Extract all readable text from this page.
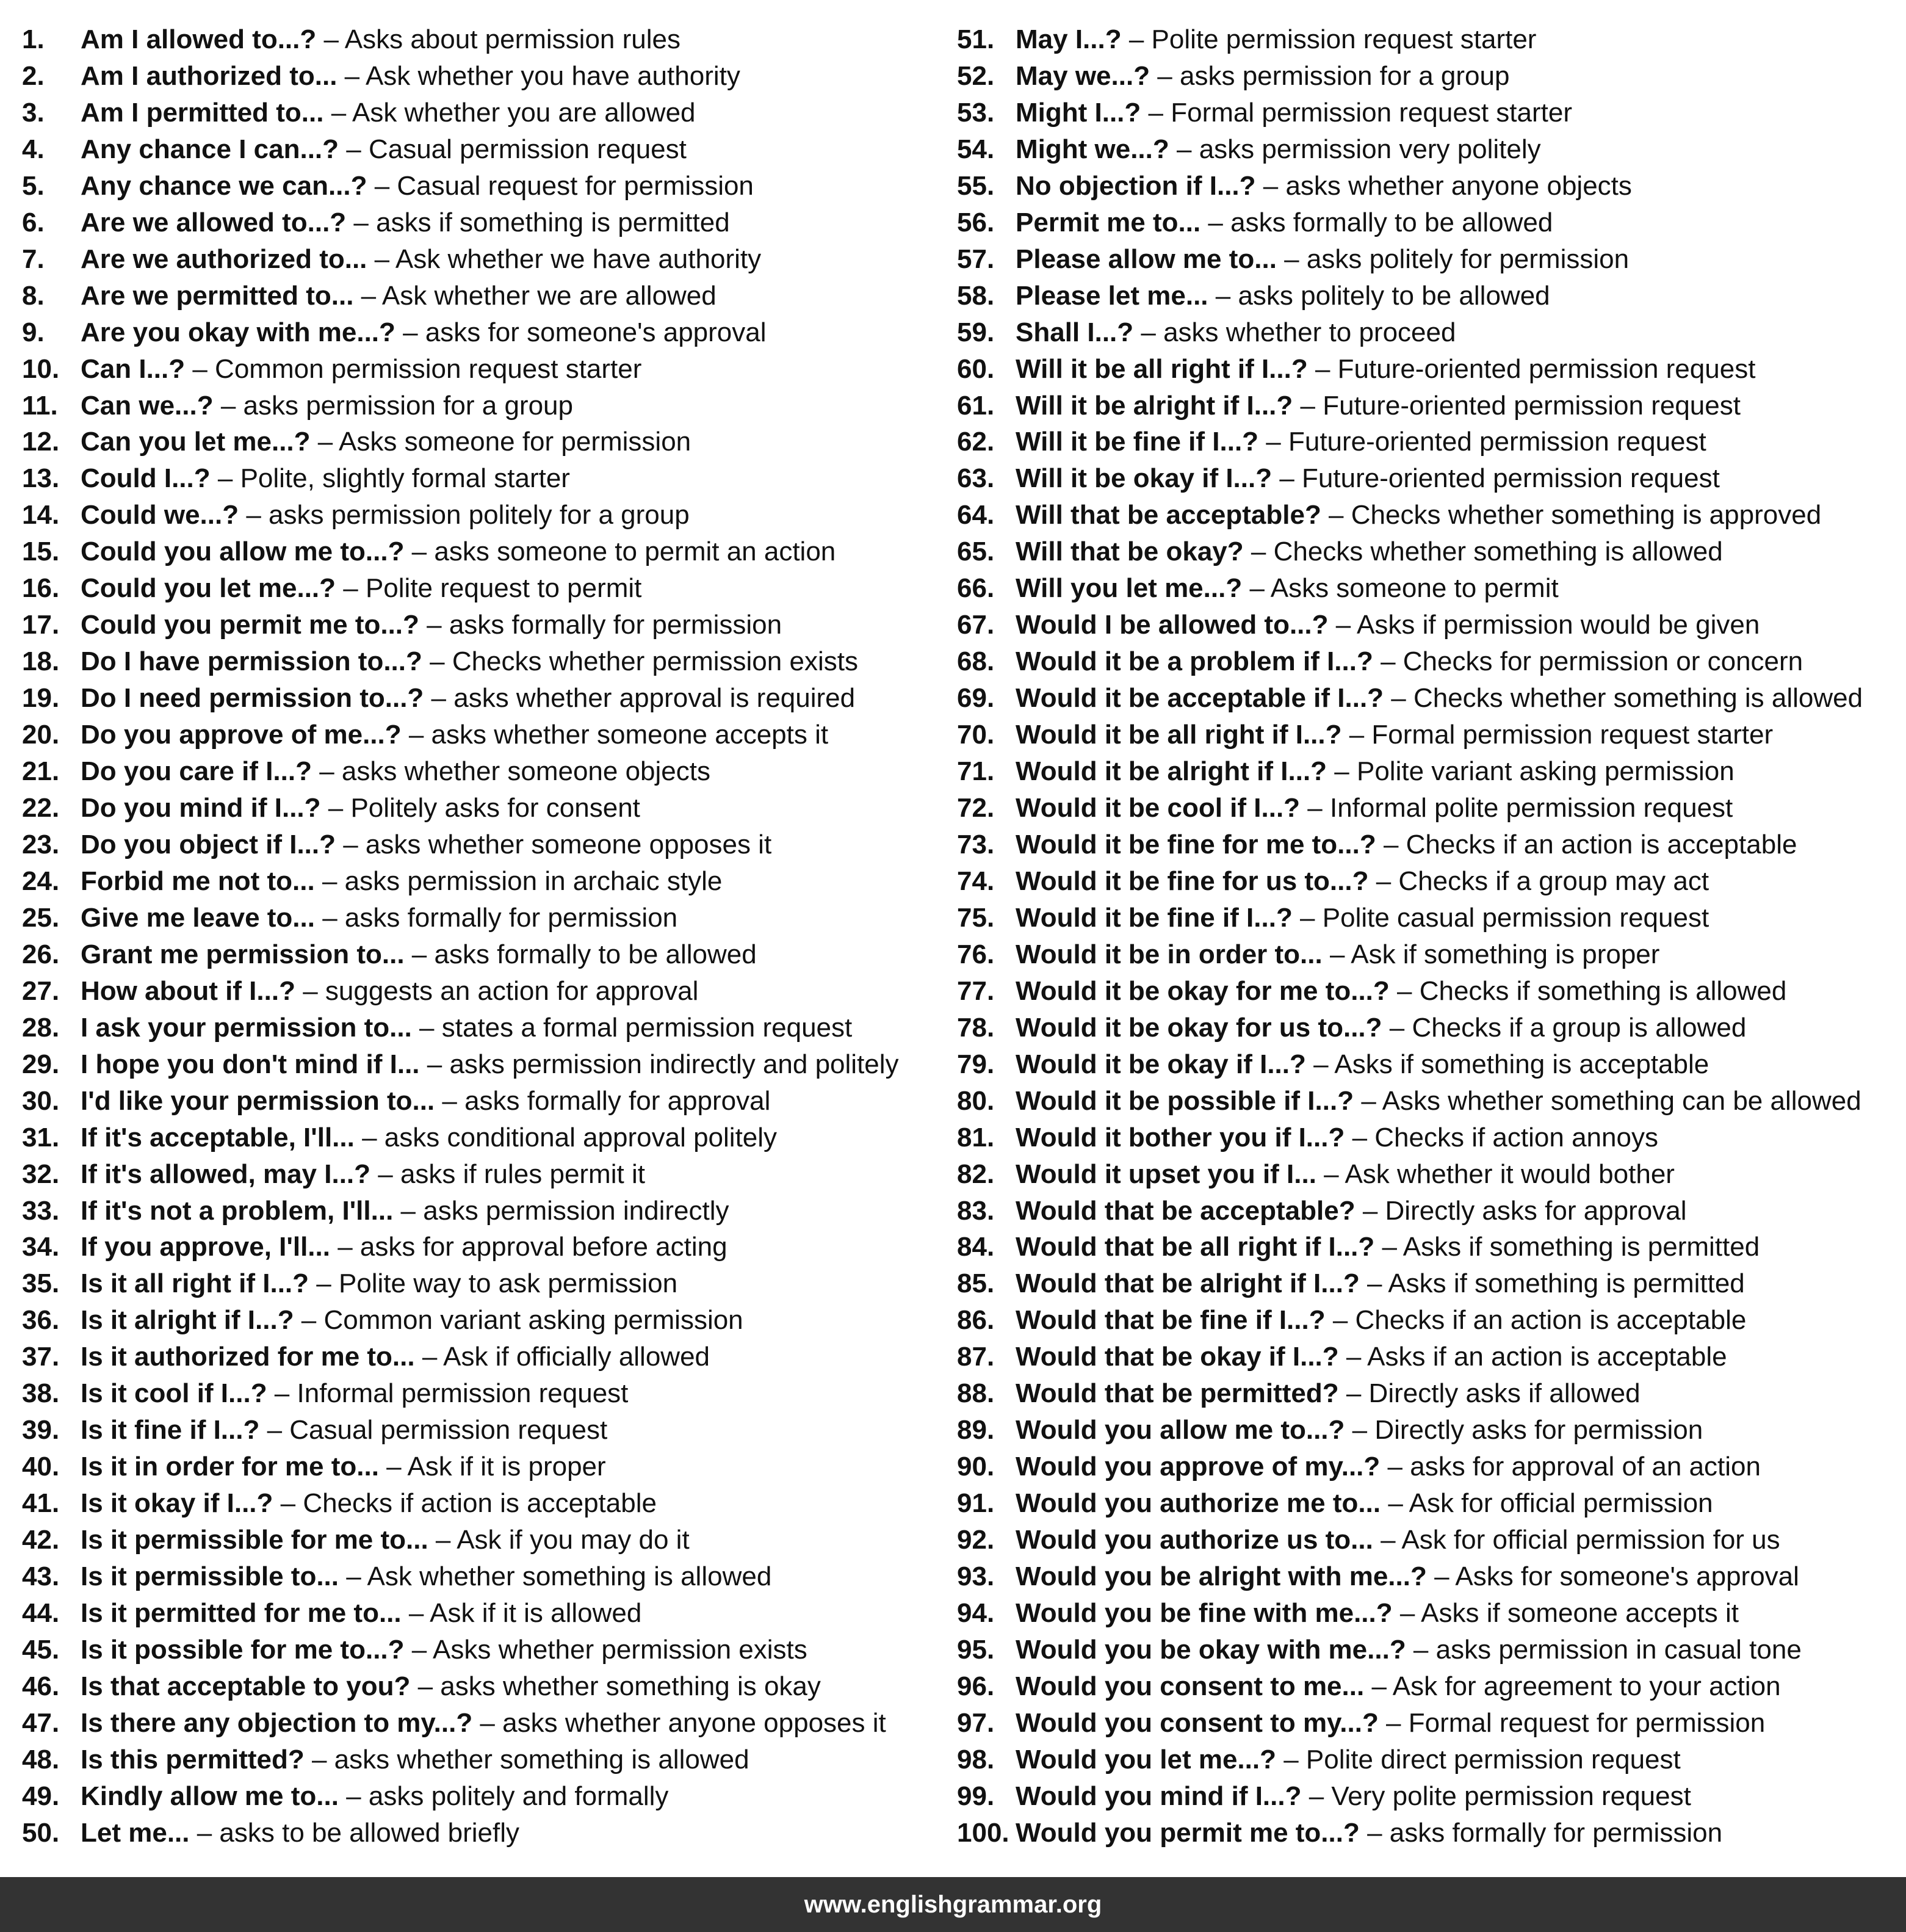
1. Am I allowed to...? – Asks about permission rules
2. Am I authorized to... – Ask whether you have authority
3. Am I permitted to... – Ask whether you are allowed
4. Any chance I can...? – Casual permission request
5. Any chance we can...? – Casual request for permission
6. Are we allowed to...? – asks if something is permitted
7. Are we authorized to... – Ask whether we have authority
8. Are we permitted to... – Ask whether we are allowed
9. Are you okay with me...? – asks for someone's approval
10. Can I...? – Common permission request starter
11. Can we...? – asks permission for a group
12. Can you let me...? – Asks someone for permission
13. Could I...? – Polite, slightly formal starter
14. Could we...? – asks permission politely for a group
15. Could you allow me to...? – asks someone to permit an action
16. Could you let me...? – Polite request to permit
17. Could you permit me to...? – asks formally for permission
18. Do I have permission to...? – Checks whether permission exists
19. Do I need permission to...? – asks whether approval is required
20. Do you approve of me...? – asks whether someone accepts it
21. Do you care if I...? – asks whether someone objects
22. Do you mind if I...? – Politely asks for consent
23. Do you object if I...? – asks whether someone opposes it
24. Forbid me not to... – asks permission in archaic style
25. Give me leave to... – asks formally for permission
26. Grant me permission to... – asks formally to be allowed
27. How about if I...? – suggests an action for approval
28. I ask your permission to... – states a formal permission request
29. I hope you don't mind if I... – asks permission indirectly and politely
30. I'd like your permission to... – asks formally for approval
31. If it's acceptable, I'll... – asks conditional approval politely
32. If it's allowed, may I...? – asks if rules permit it
33. If it's not a problem, I'll... – asks permission indirectly
34. If you approve, I'll... – asks for approval before acting
35. Is it all right if I...? – Polite way to ask permission
36. Is it alright if I...? – Common variant asking permission
37. Is it authorized for me to... – Ask if officially allowed
38. Is it cool if I...? – Informal permission request
39. Is it fine if I...? – Casual permission request
40. Is it in order for me to... – Ask if it is proper
41. Is it okay if I...? – Checks if action is acceptable
42. Is it permissible for me to... – Ask if you may do it
43. Is it permissible to... – Ask whether something is allowed
44. Is it permitted for me to... – Ask if it is allowed
45. Is it possible for me to...? – Asks whether permission exists
46. Is that acceptable to you? – asks whether something is okay
47. Is there any objection to my...? – asks whether anyone opposes it
48. Is this permitted? – asks whether something is allowed
49. Kindly allow me to... – asks politely and formally
50. Let me... – asks to be allowed briefly
51. May I...? – Polite permission request starter
52. May we...? – asks permission for a group
53. Might I...? – Formal permission request starter
54. Might we...? – asks permission very politely
55. No objection if I...? – asks whether anyone objects
56. Permit me to... – asks formally to be allowed
57. Please allow me to... – asks politely for permission
58. Please let me... – asks politely to be allowed
59. Shall I...? – asks whether to proceed
60. Will it be all right if I...? – Future-oriented permission request
61. Will it be alright if I...? – Future-oriented permission request
62. Will it be fine if I...? – Future-oriented permission request
63. Will it be okay if I...? – Future-oriented permission request
64. Will that be acceptable? – Checks whether something is approved
65. Will that be okay? – Checks whether something is allowed
66. Will you let me...? – Asks someone to permit
67. Would I be allowed to...? – Asks if permission would be given
68. Would it be a problem if I...? – Checks for permission or concern
69. Would it be acceptable if I...? – Checks whether something is allowed
70. Would it be all right if I...? – Formal permission request starter
71. Would it be alright if I...? – Polite variant asking permission
72. Would it be cool if I...? – Informal polite permission request
73. Would it be fine for me to...? – Checks if an action is acceptable
74. Would it be fine for us to...? – Checks if a group may act
75. Would it be fine if I...? – Polite casual permission request
76. Would it be in order to... – Ask if something is proper
77. Would it be okay for me to...? – Checks if something is allowed
78. Would it be okay for us to...? – Checks if a group is allowed
79. Would it be okay if I...? – Asks if something is acceptable
80. Would it be possible if I...? – Asks whether something can be allowed
81. Would it bother you if I...? – Checks if action annoys
82. Would it upset you if I... – Ask whether it would bother
83. Would that be acceptable? – Directly asks for approval
84. Would that be all right if I...? – Asks if something is permitted
85. Would that be alright if I...? – Asks if something is permitted
86. Would that be fine if I...? – Checks if an action is acceptable
87. Would that be okay if I...? – Asks if an action is acceptable
88. Would that be permitted? – Directly asks if allowed
89. Would you allow me to...? – Directly asks for permission
90. Would you approve of my...? – asks for approval of an action
91. Would you authorize me to... – Ask for official permission
92. Would you authorize us to... – Ask for official permission for us
93. Would you be alright with me...? – Asks for someone's approval
94. Would you be fine with me...? – Asks if someone accepts it
95. Would you be okay with me...? – asks permission in casual tone
96. Would you consent to me... – Ask for agreement to your action
97. Would you consent to my...? – Formal request for permission
98. Would you let me...? – Polite direct permission request
99. Would you mind if I...? – Very polite permission request
100. Would you permit me to...? – asks formally for permission
www.englishgrammar.org
